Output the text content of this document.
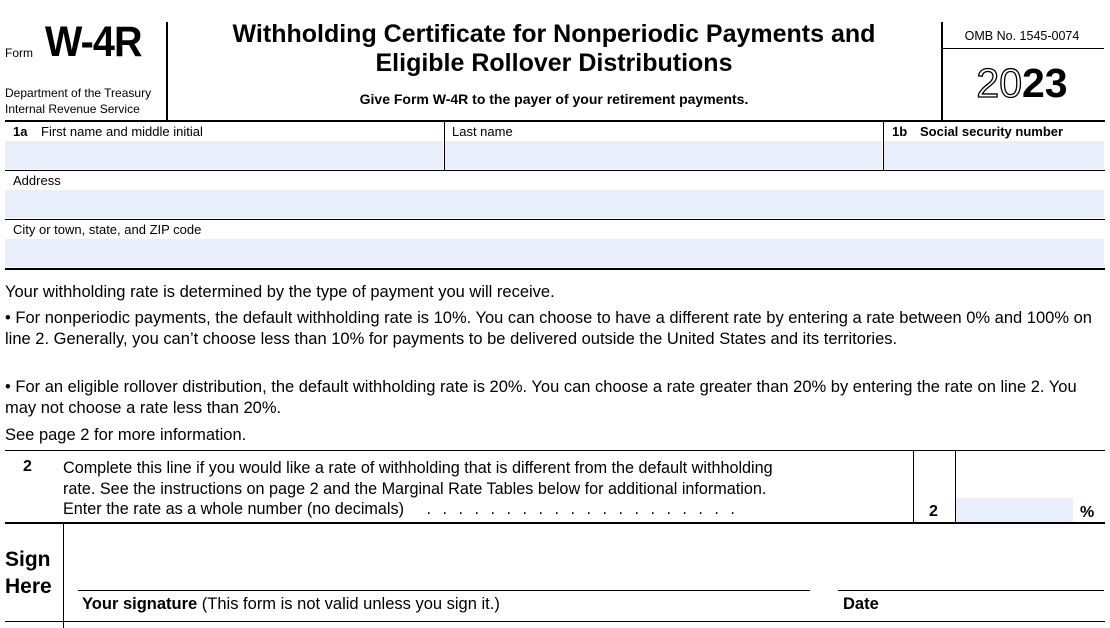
Form W-4R
Department of the Treasury
Internal Revenue Service
Withholding Certificate for Nonperiodic Payments and
Eligible Rollover Distributions
Give Form W-4R to the payer of your retirement payments.
OMB No. 1545-0074
2023
1a First name and middle initial	Last name	1b Social security number
Address
City or town, state, and ZIP code
Your withholding rate is determined by the type of payment you will receive.
• For nonperiodic payments, the default withholding rate is 10%. You can choose to have a different rate by entering a rate between 0% and 100% on line 2. Generally, you can’t choose less than 10% for payments to be delivered outside the United States and its territories.
• For an eligible rollover distribution, the default withholding rate is 20%. You can choose a rate greater than 20% by entering the rate on line 2. You may not choose a rate less than 20%.
See page 2 for more information.
2 Complete this line if you would like a rate of withholding that is different from the default withholding
rate. See the instructions on page 2 and the Marginal Rate Tables below for additional information.
Enter the rate as a whole number (no decimals) . . . . . . . . . . . . . . . . . . . .	2	%
Sign
Here
Your signature (This form is not valid unless you sign it.)	Date
